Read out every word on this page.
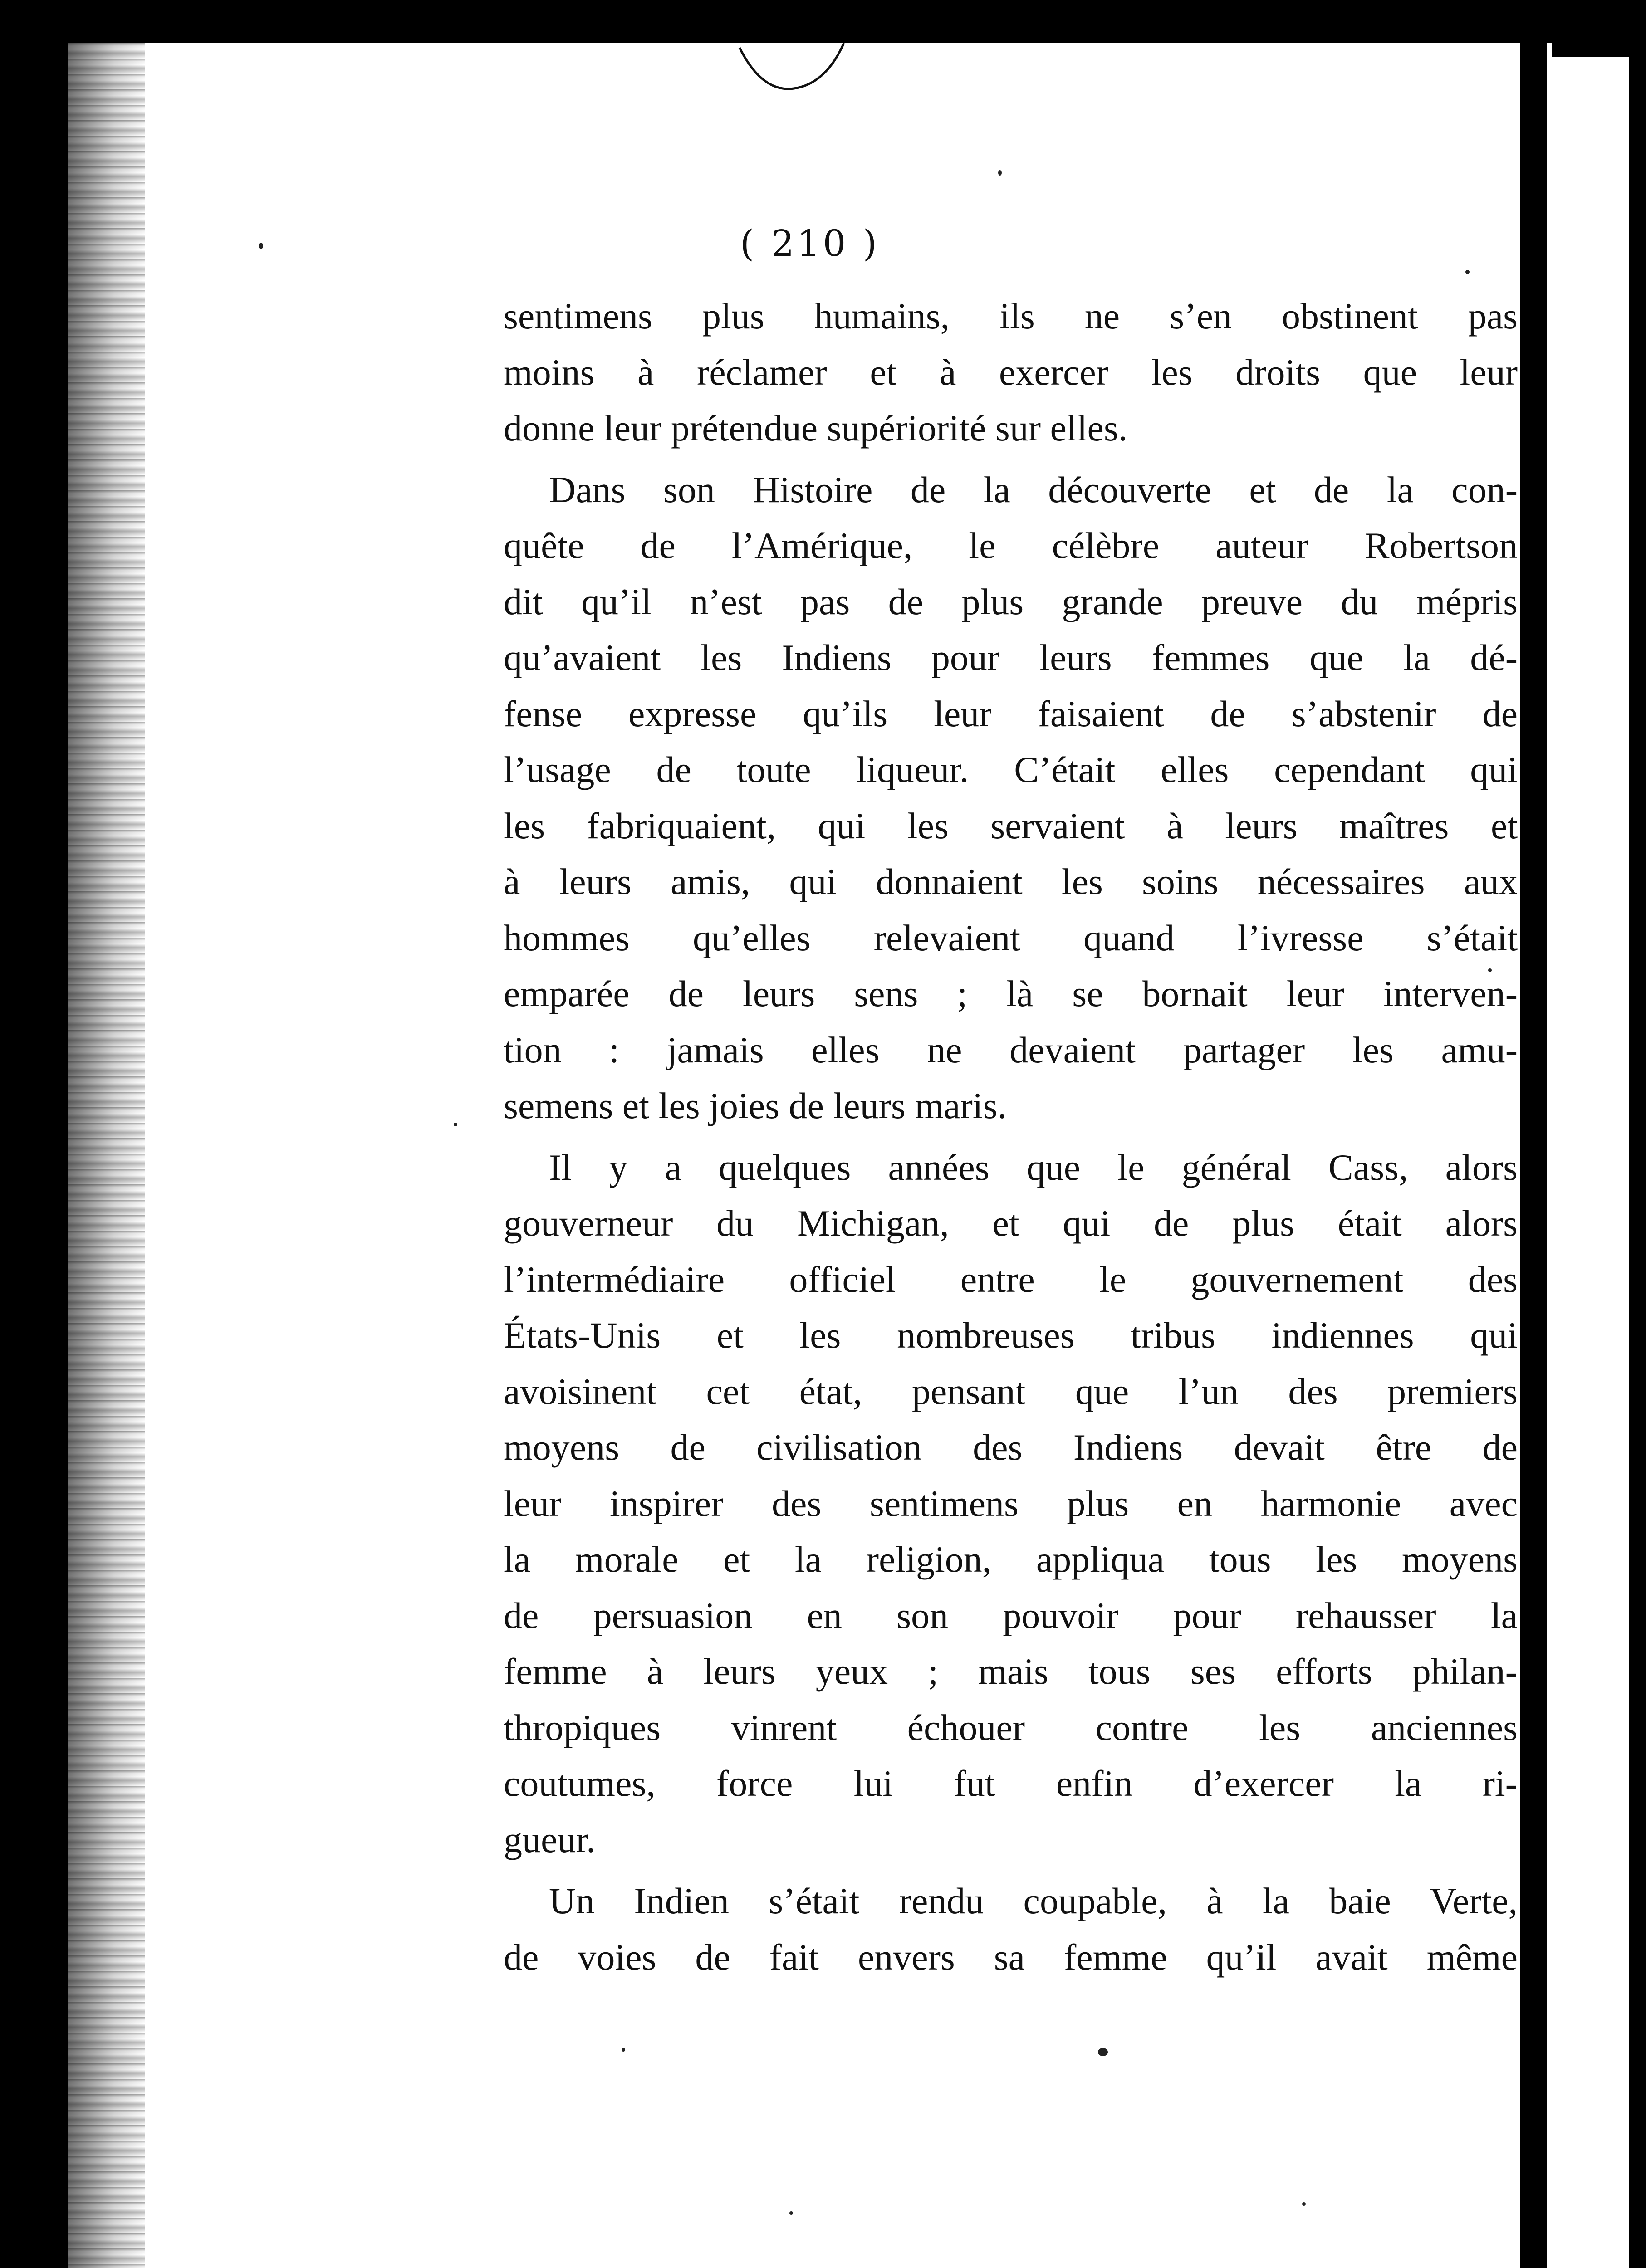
( 210 )
sentimens plus humains, ils ne s’en obstinent pas
moins à réclamer et à exercer les droits que leur
donne leur prétendue supériorité sur elles.
Dans son Histoire de la découverte et de la con-
quête de l’Amérique, le célèbre auteur Robertson
dit qu’il n’est pas de plus grande preuve du mépris
qu’avaient les Indiens pour leurs femmes que la dé-
fense expresse qu’ils leur faisaient de s’abstenir de
l’usage de toute liqueur. C’était elles cependant qui
les fabriquaient, qui les servaient à leurs maîtres et
à leurs amis, qui donnaient les soins nécessaires aux
hommes qu’elles relevaient quand l’ivresse s’était
emparée de leurs sens ; là se bornait leur interven-
tion : jamais elles ne devaient partager les amu-
semens et les joies de leurs maris.
Il y a quelques années que le général Cass, alors
gouverneur du Michigan, et qui de plus était alors
l’intermédiaire officiel entre le gouvernement des
États-Unis et les nombreuses tribus indiennes qui
avoisinent cet état, pensant que l’un des premiers
moyens de civilisation des Indiens devait être de
leur inspirer des sentimens plus en harmonie avec
la morale et la religion, appliqua tous les moyens
de persuasion en son pouvoir pour rehausser la
femme à leurs yeux ; mais tous ses efforts philan-
thropiques vinrent échouer contre les anciennes
coutumes, force lui fut enfin d’exercer la ri-
gueur.
Un Indien s’était rendu coupable, à la baie Verte,
de voies de fait envers sa femme qu’il avait même
